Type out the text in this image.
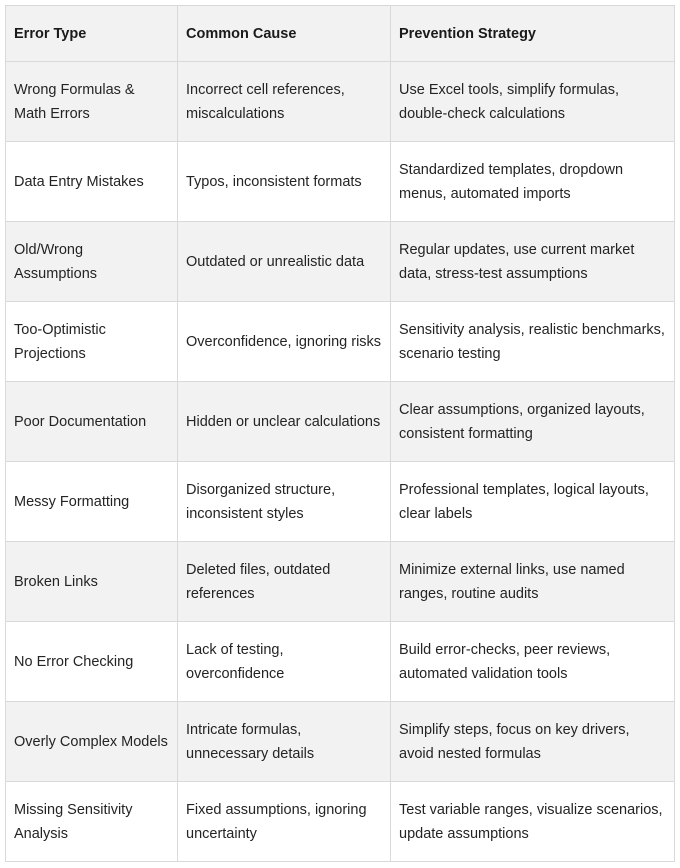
Error Type	Common Cause	Prevention Strategy
Wrong Formulas & Math Errors	Incorrect cell references, miscalculations	Use Excel tools, simplify formulas, double-check calculations
Data Entry Mistakes	Typos, inconsistent formats	Standardized templates, dropdown menus, automated imports
Old/Wrong Assumptions	Outdated or unrealistic data	Regular updates, use current market data, stress-test assumptions
Too-Optimistic Projections	Overconfidence, ignoring risks	Sensitivity analysis, realistic benchmarks, scenario testing
Poor Documentation	Hidden or unclear calculations	Clear assumptions, organized layouts, consistent formatting
Messy Formatting	Disorganized structure, inconsistent styles	Professional templates, logical layouts, clear labels
Broken Links	Deleted files, outdated references	Minimize external links, use named ranges, routine audits
No Error Checking	Lack of testing, overconfidence	Build error-checks, peer reviews, automated validation tools
Overly Complex Models	Intricate formulas, unnecessary details	Simplify steps, focus on key drivers, avoid nested formulas
Missing Sensitivity Analysis	Fixed assumptions, ignoring uncertainty	Test variable ranges, visualize scenarios, update assumptions
